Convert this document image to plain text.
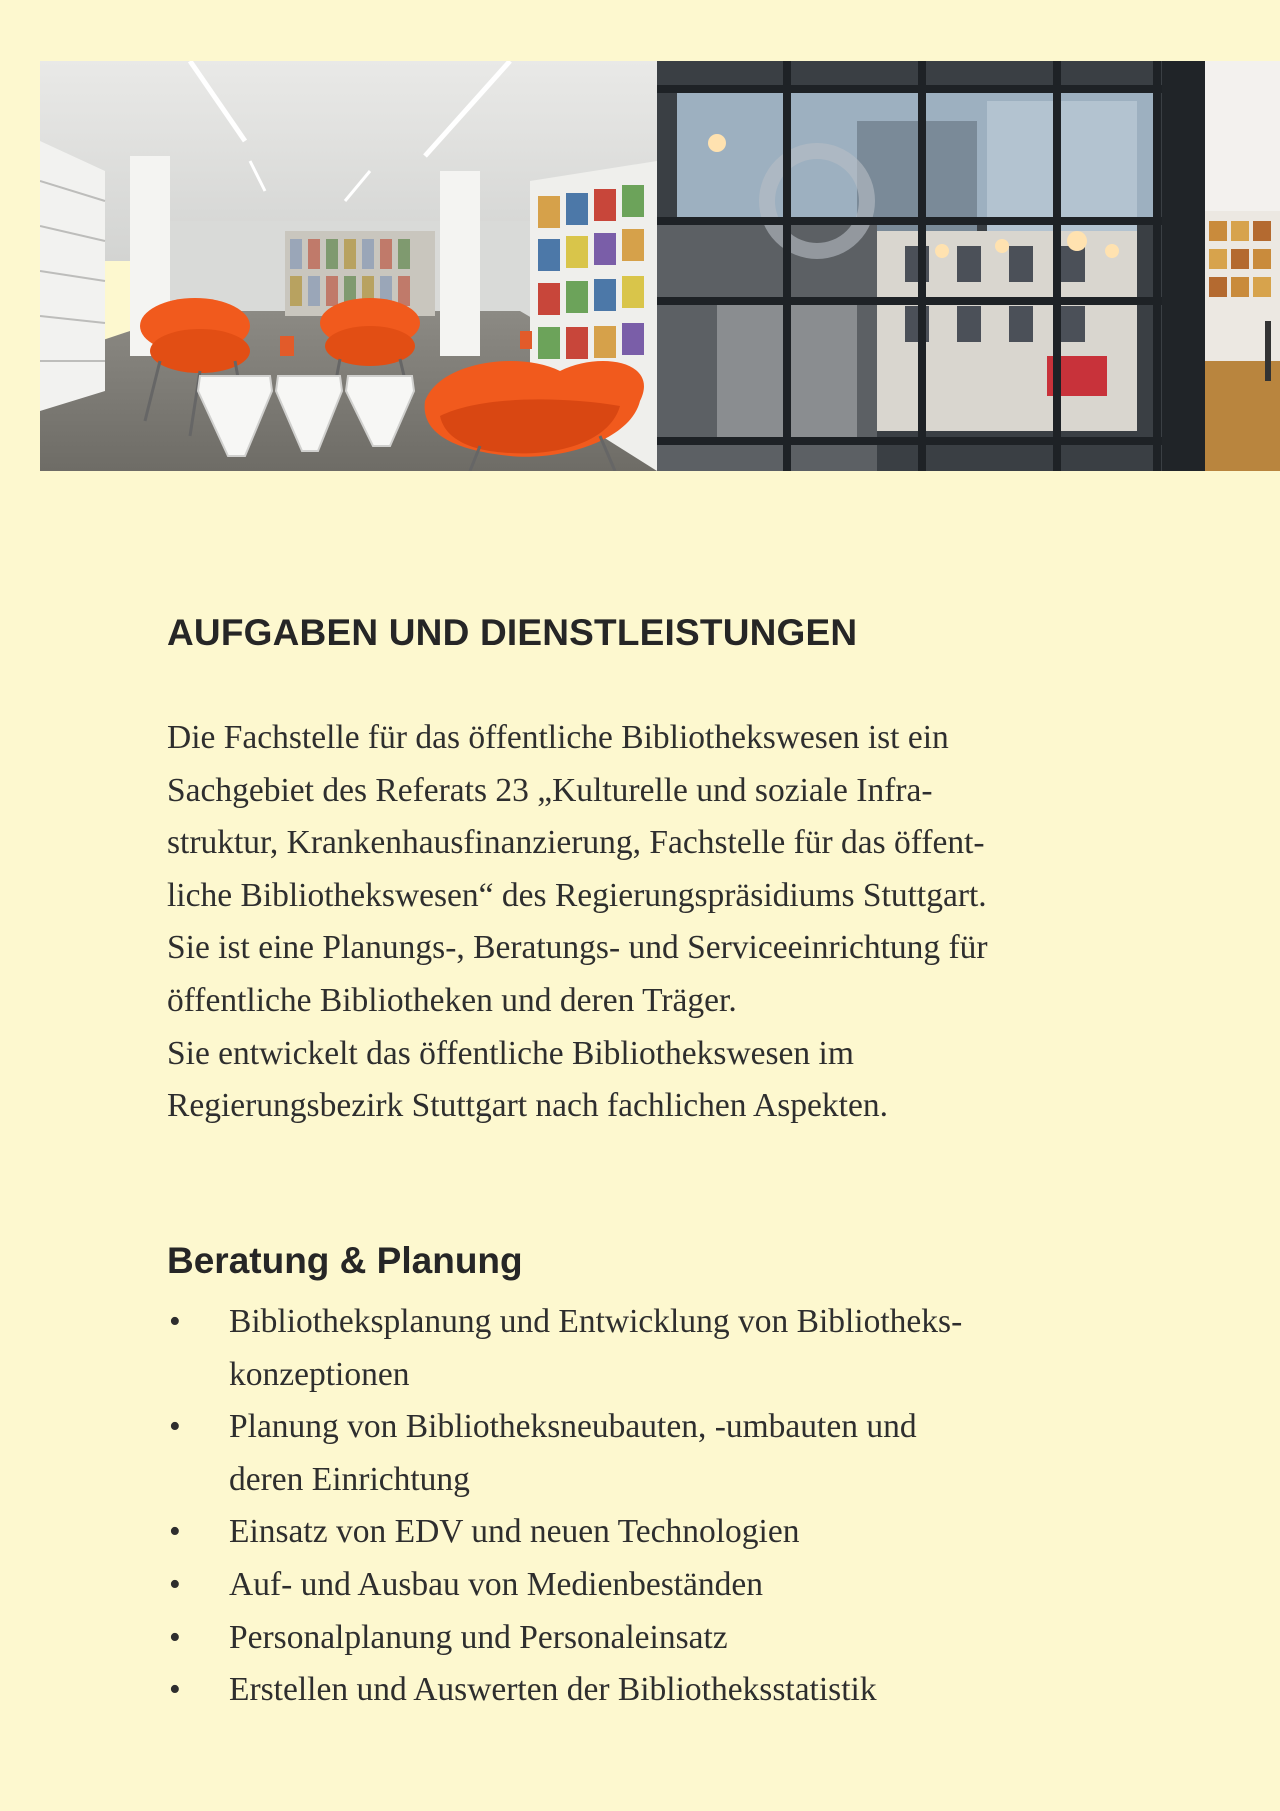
AUFGABEN UND DIENSTLEISTUNGEN

Die Fachstelle für das öffentliche Bibliothekswesen ist ein
Sachgebiet des Referats 23 „Kulturelle und soziale Infra-
struktur, Krankenhausfinanzierung, Fachstelle für das öffent-
liche Bibliothekswesen“ des Regierungspräsidiums Stuttgart.
Sie ist eine Planungs-, Beratungs- und Serviceeinrichtung für
öffentliche Bibliotheken und deren Träger.
Sie entwickelt das öffentliche Bibliothekswesen im
Regierungsbezirk Stuttgart nach fachlichen Aspekten.

Beratung & Planung
• Bibliotheksplanung und Entwicklung von Bibliotheks-
konzeptionen
• Planung von Bibliotheksneubauten, -umbauten und
deren Einrichtung
• Einsatz von EDV und neuen Technologien
• Auf- und Ausbau von Medienbeständen
• Personalplanung und Personaleinsatz
• Erstellen und Auswerten der Bibliotheksstatistik
